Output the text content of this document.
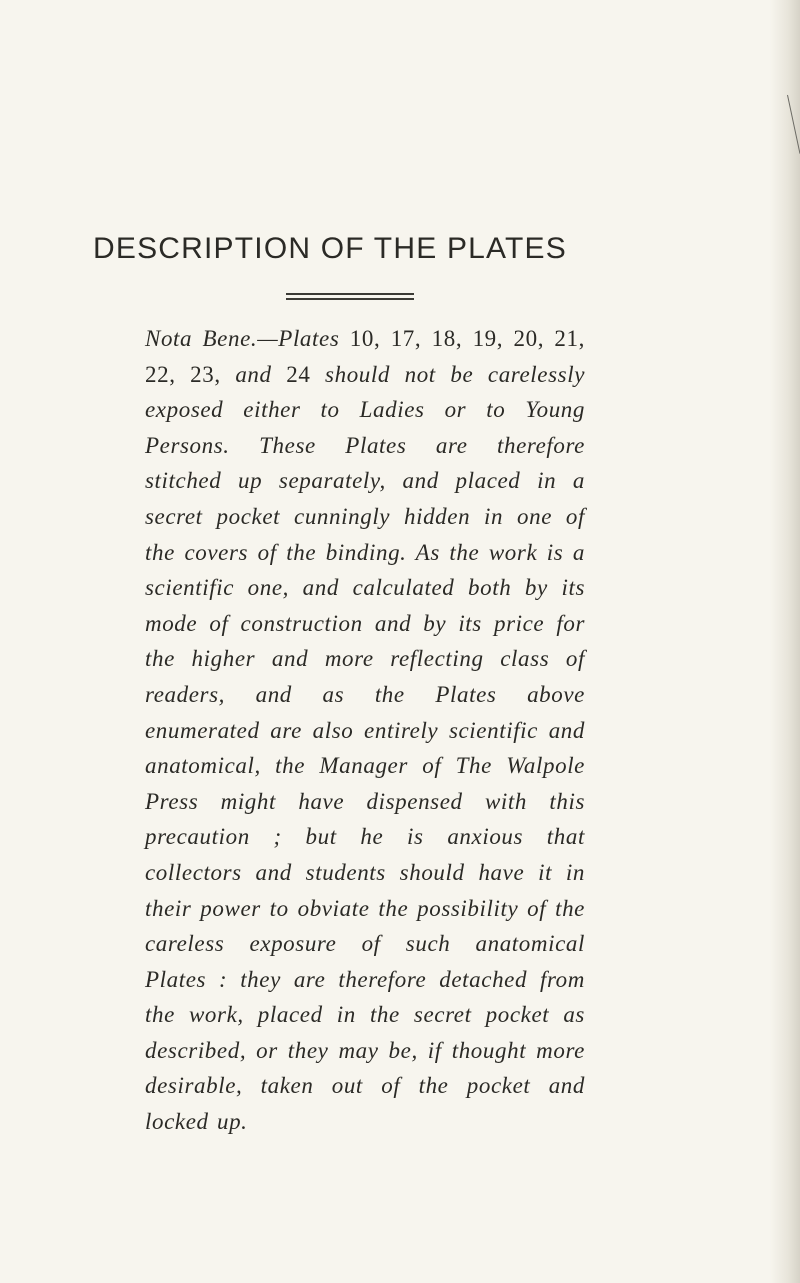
DESCRIPTION OF THE PLATES

Nota Bene.—Plates 10, 17, 18, 19, 20, 21, 22, 23, and 24 should not be carelessly exposed either to Ladies or to Young Persons. These Plates are therefore stitched up separately, and placed in a secret pocket cunningly hidden in one of the covers of the binding. As the work is a scientific one, and calculated both by its mode of construction and by its price for the higher and more reflecting class of readers, and as the Plates above enumerated are also entirely scientific and anatomical, the Manager of The Walpole Press might have dispensed with this precaution ; but he is anxious that collectors and students should have it in their power to obviate the possibility of the careless exposure of such anatomical Plates : they are therefore detached from the work, placed in the secret pocket as described, or they may be, if thought more desirable, taken out of the pocket and locked up.
